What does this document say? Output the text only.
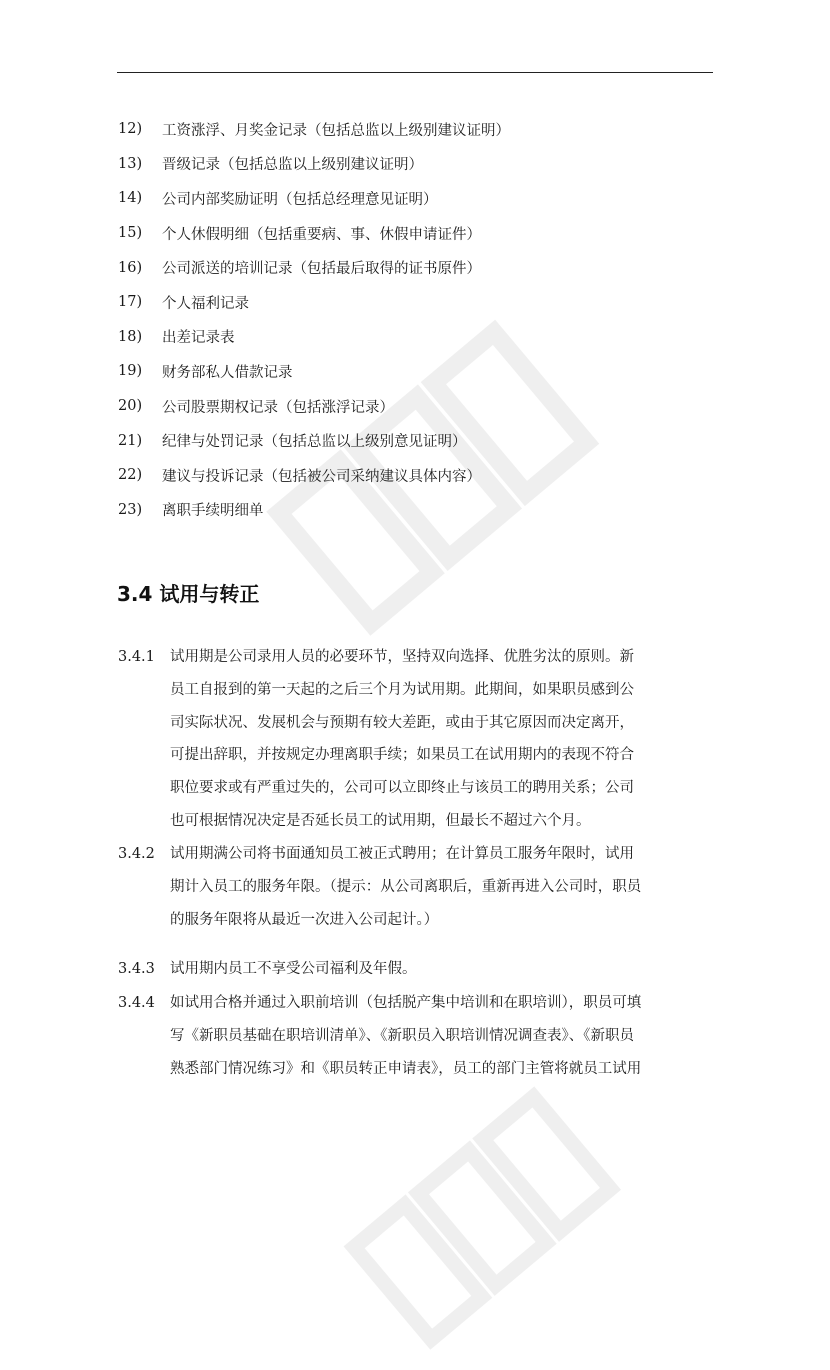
12)	工资涨浮、月奖金记录（包括总监以上级别建议证明）
13)	晋级记录（包括总监以上级别建议证明）
14)	公司内部奖励证明（包括总经理意见证明）
15)	个人休假明细（包括重要病、事、休假申请证件）
16)	公司派送的培训记录（包括最后取得的证书原件）
17)	个人福利记录
18)	出差记录表
19)	财务部私人借款记录
20)	公司股票期权记录（包括涨浮记录）
21)	纪律与处罚记录（包括总监以上级别意见证明）
22)	建议与投诉记录（包括被公司采纳建议具体内容）
23)	离职手续明细单
3.4 试用与转正
3.4.1 试用期是公司录用人员的必要环节，坚持双向选择、优胜劣汰的原则。新
员工自报到的第一天起的之后三个月为试用期。此期间，如果职员感到公
司实际状况、发展机会与预期有较大差距，或由于其它原因而决定离开，
可提出辞职，并按规定办理离职手续；如果员工在试用期内的表现不符合
职位要求或有严重过失的，公司可以立即终止与该员工的聘用关系；公司
也可根据情况决定是否延长员工的试用期，但最长不超过六个月。
3.4.2 试用期满公司将书面通知员工被正式聘用；在计算员工服务年限时，试用
期计入员工的服务年限。（提示：从公司离职后，重新再进入公司时，职员
的服务年限将从最近一次进入公司起计。）
3.4.3 试用期内员工不享受公司福利及年假。
3.4.4 如试用合格并通过入职前培训（包括脱产集中培训和在职培训），职员可填
写《新职员基础在职培训清单》、《新职员入职培训情况调查表》、《新职员
熟悉部门情况练习》和《职员转正申请表》，员工的部门主管将就员工试用
